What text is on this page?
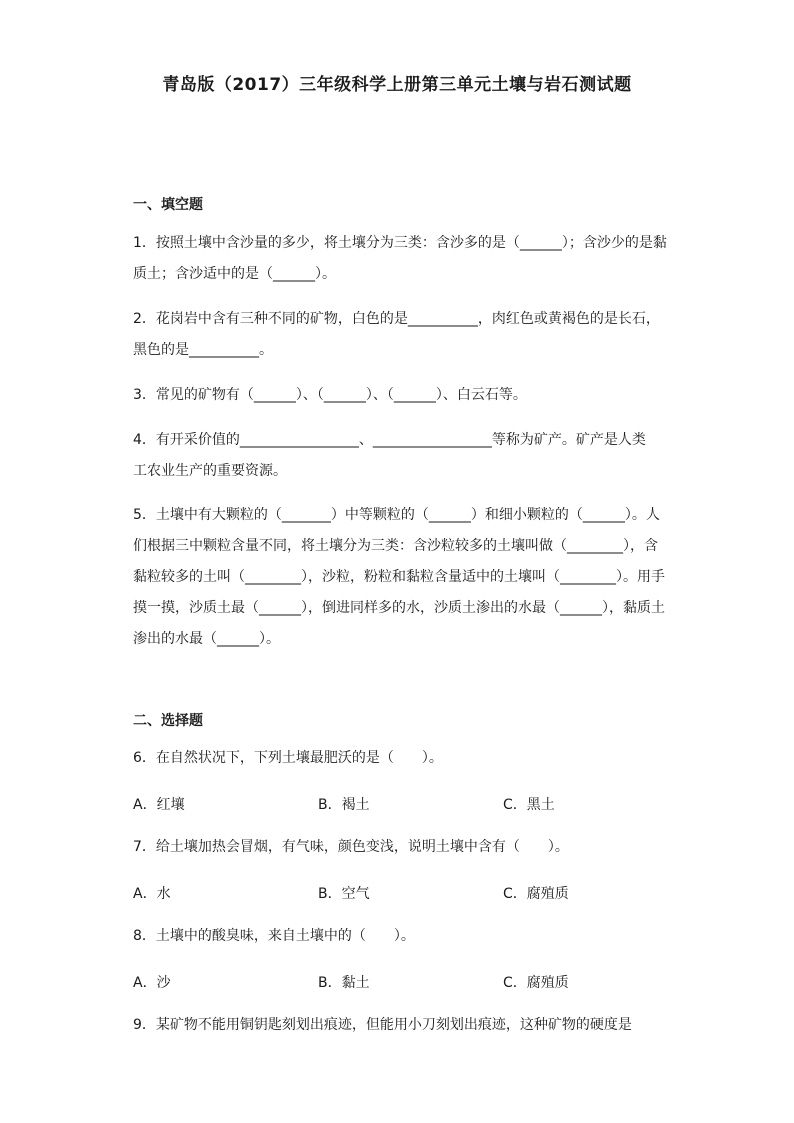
青岛版（2017）三年级科学上册第三单元土壤与岩石测试题
一、填空题
1．按照土壤中含沙量的多少，将土壤分为三类：含沙多的是（______）；含沙少的是黏
质土；含沙适中的是（______）。
2．花岗岩中含有三种不同的矿物，白色的是__________，肉红色或黄褐色的是长石，
黑色的是__________。
3．常见的矿物有（______）、（______）、（______）、白云石等。
4．有开采价值的_________________、_________________等称为矿产。矿产是人类
工农业生产的重要资源。
5．土壤中有大颗粒的（_______）中等颗粒的（______）和细小颗粒的（______）。人
们根据三中颗粒含量不同，将土壤分为三类：含沙粒较多的土壤叫做（________），含
黏粒较多的土叫（________），沙粒，粉粒和黏粒含量适中的土壤叫（________）。用手
摸一摸，沙质土最（______），倒进同样多的水，沙质土渗出的水最（______），黏质土
渗出的水最（______）。
二、选择题
6．在自然状况下，下列土壤最肥沃的是（　　）。
A．红壤	B．褐土	C．黑土
7．给土壤加热会冒烟，有气味，颜色变浅，说明土壤中含有（　　）。
A．水	B．空气	C．腐殖质
8．土壤中的酸臭味，来自土壤中的（　　）。
A．沙	B．黏土	C．腐殖质
9．某矿物不能用铜钥匙刻划出痕迹，但能用小刀刻划出痕迹，这种矿物的硬度是
